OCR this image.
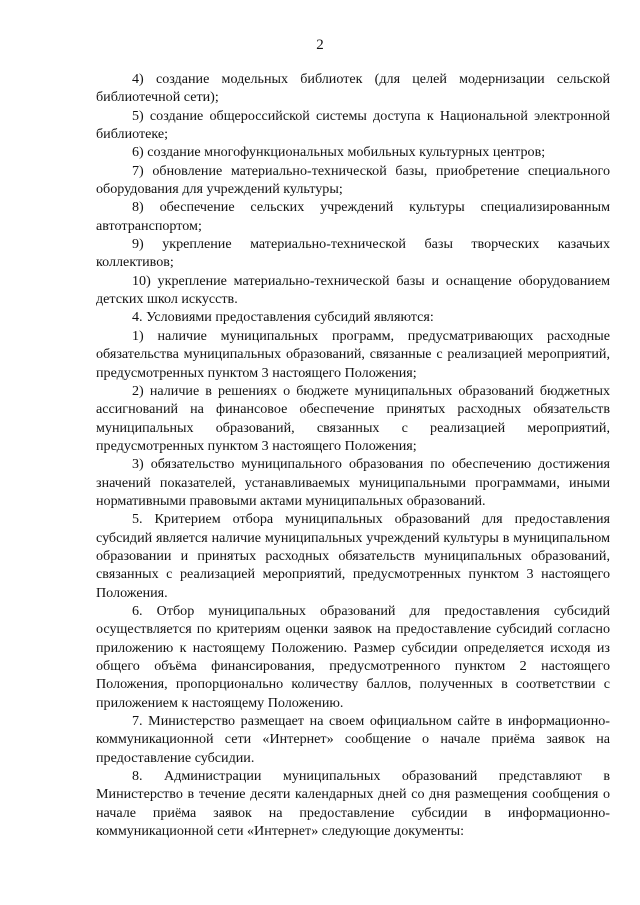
2

4) создание модельных библиотек (для целей модернизации сельской библиотечной сети);

5) создание общероссийской системы доступа к Национальной электронной библиотеке;

6) создание многофункциональных мобильных культурных центров;

7) обновление материально-технической базы, приобретение специального оборудования для учреждений культуры;

8) обеспечение сельских учреждений культуры специализированным автотранспортом;

9) укрепление материально-технической базы творческих казачьих коллективов;

10) укрепление материально-технической базы и оснащение оборудованием детских школ искусств.

4. Условиями предоставления субсидий являются:

1) наличие муниципальных программ, предусматривающих расходные обязательства муниципальных образований, связанные с реализацией мероприятий, предусмотренных пунктом 3 настоящего Положения;

2) наличие в решениях о бюджете муниципальных образований бюджетных ассигнований на финансовое обеспечение принятых расходных обязательств муниципальных образований, связанных с реализацией мероприятий, предусмотренных пунктом 3 настоящего Положения;

3) обязательство муниципального образования по обеспечению достижения значений показателей, устанавливаемых муниципальными программами, иными нормативными правовыми актами муниципальных образований.

5. Критерием отбора муниципальных образований для предоставления субсидий является наличие муниципальных учреждений культуры в муниципальном образовании и принятых расходных обязательств муниципальных образований, связанных с реализацией мероприятий, предусмотренных пунктом 3 настоящего Положения.

6. Отбор муниципальных образований для предоставления субсидий осуществляется по критериям оценки заявок на предоставление субсидий согласно приложению к настоящему Положению. Размер субсидии определяется исходя из общего объёма финансирования, предусмотренного пунктом 2 настоящего Положения, пропорционально количеству баллов, полученных в соответствии с приложением к настоящему Положению.

7. Министерство размещает на своем официальном сайте в информационно-коммуникационной сети «Интернет» сообщение о начале приёма заявок на предоставление субсидии.

8. Администрации муниципальных образований представляют в Министерство в течение десяти календарных дней со дня размещения сообщения о начале приёма заявок на предоставление субсидии в информационно-коммуникационной сети «Интернет» следующие документы:
